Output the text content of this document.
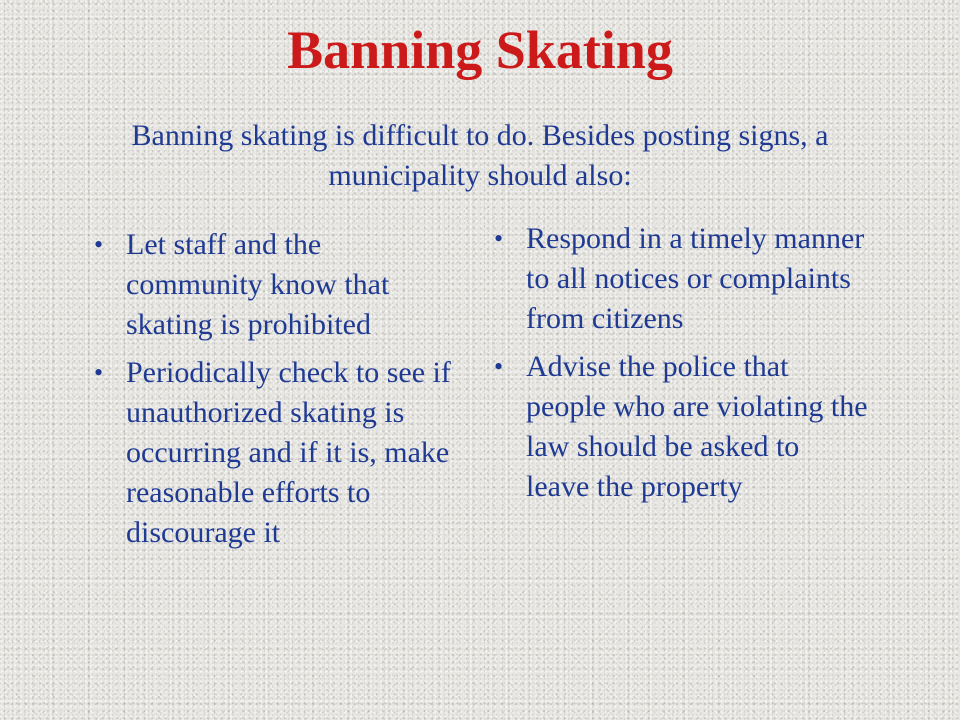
Banning Skating

Banning skating is difficult to do. Besides posting signs, a municipality should also:

• Let staff and the community know that skating is prohibited
• Periodically check to see if unauthorized skating is occurring and if it is, make reasonable efforts to discourage it
• Respond in a timely manner to all notices or complaints from citizens
• Advise the police that people who are violating the law should be asked to leave the property
